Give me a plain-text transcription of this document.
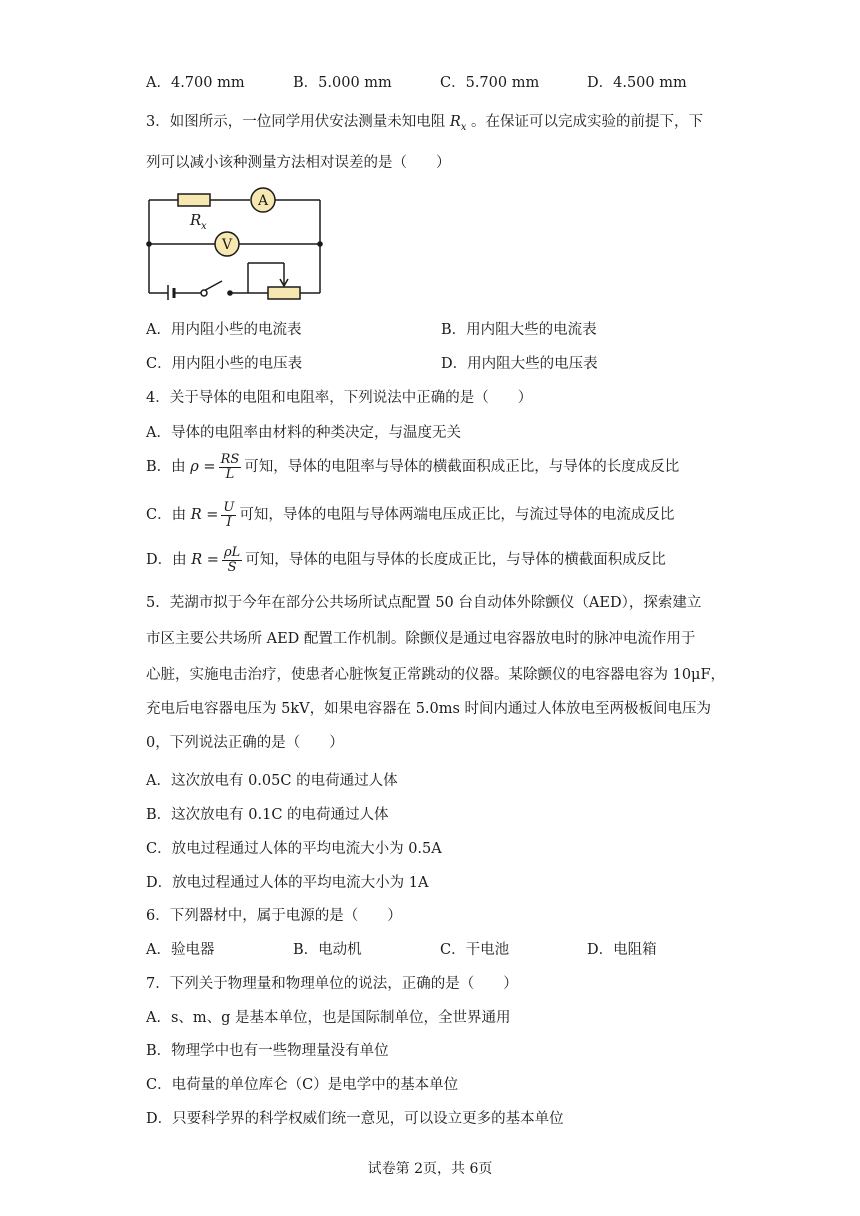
A．4.700 mm	B．5.000 mm	C．5.700 mm	D．4.500 mm
3．如图所示，一位同学用伏安法测量未知电阻 $R_x$ 。在保证可以完成实验的前提下，下
列可以减小该种测量方法相对误差的是（　　）
A
V
R x
A．用内阻小些的电流表	B．用内阻大些的电流表
C．用内阻小些的电压表	D．用内阻大些的电压表
4．关于导体的电阻和电阻率，下列说法中正确的是（　　）
A．导体的电阻率由材料的种类决定，与温度无关
B．由 $\rho = \frac{RS}{L}$ 可知，导体的电阻率与导体的横截面积成正比，与导体的长度成反比
C．由 $R = \frac{U}{I}$ 可知，导体的电阻与导体两端电压成正比，与流过导体的电流成反比
D．由 $R = \frac{\rho L}{S}$ 可知，导体的电阻与导体的长度成正比，与导体的横截面积成反比
5．芜湖市拟于今年在部分公共场所试点配置 50 台自动体外除颤仪（AED），探索建立
市区主要公共场所 AED 配置工作机制。除颤仪是通过电容器放电时的脉冲电流作用于
心脏，实施电击治疗，使患者心脏恢复正常跳动的仪器。某除颤仪的电容器电容为 10μF，
充电后电容器电压为 5kV，如果电容器在 5.0ms 时间内通过人体放电至两极板间电压为
0，下列说法正确的是（　　）
A．这次放电有 0.05C 的电荷通过人体
B．这次放电有 0.1C 的电荷通过人体
C．放电过程通过人体的平均电流大小为 0.5A
D．放电过程通过人体的平均电流大小为 1A
6．下列器材中，属于电源的是（　　）
A．验电器	B．电动机	C．干电池	D．电阻箱
7．下列关于物理量和物理单位的说法，正确的是（　　）
A．s、m、g 是基本单位，也是国际制单位，全世界通用
B．物理学中也有一些物理量没有单位
C．电荷量的单位库仑（C）是电学中的基本单位
D．只要科学界的科学权威们统一意见，可以设立更多的基本单位
试卷第 2页，共 6页
